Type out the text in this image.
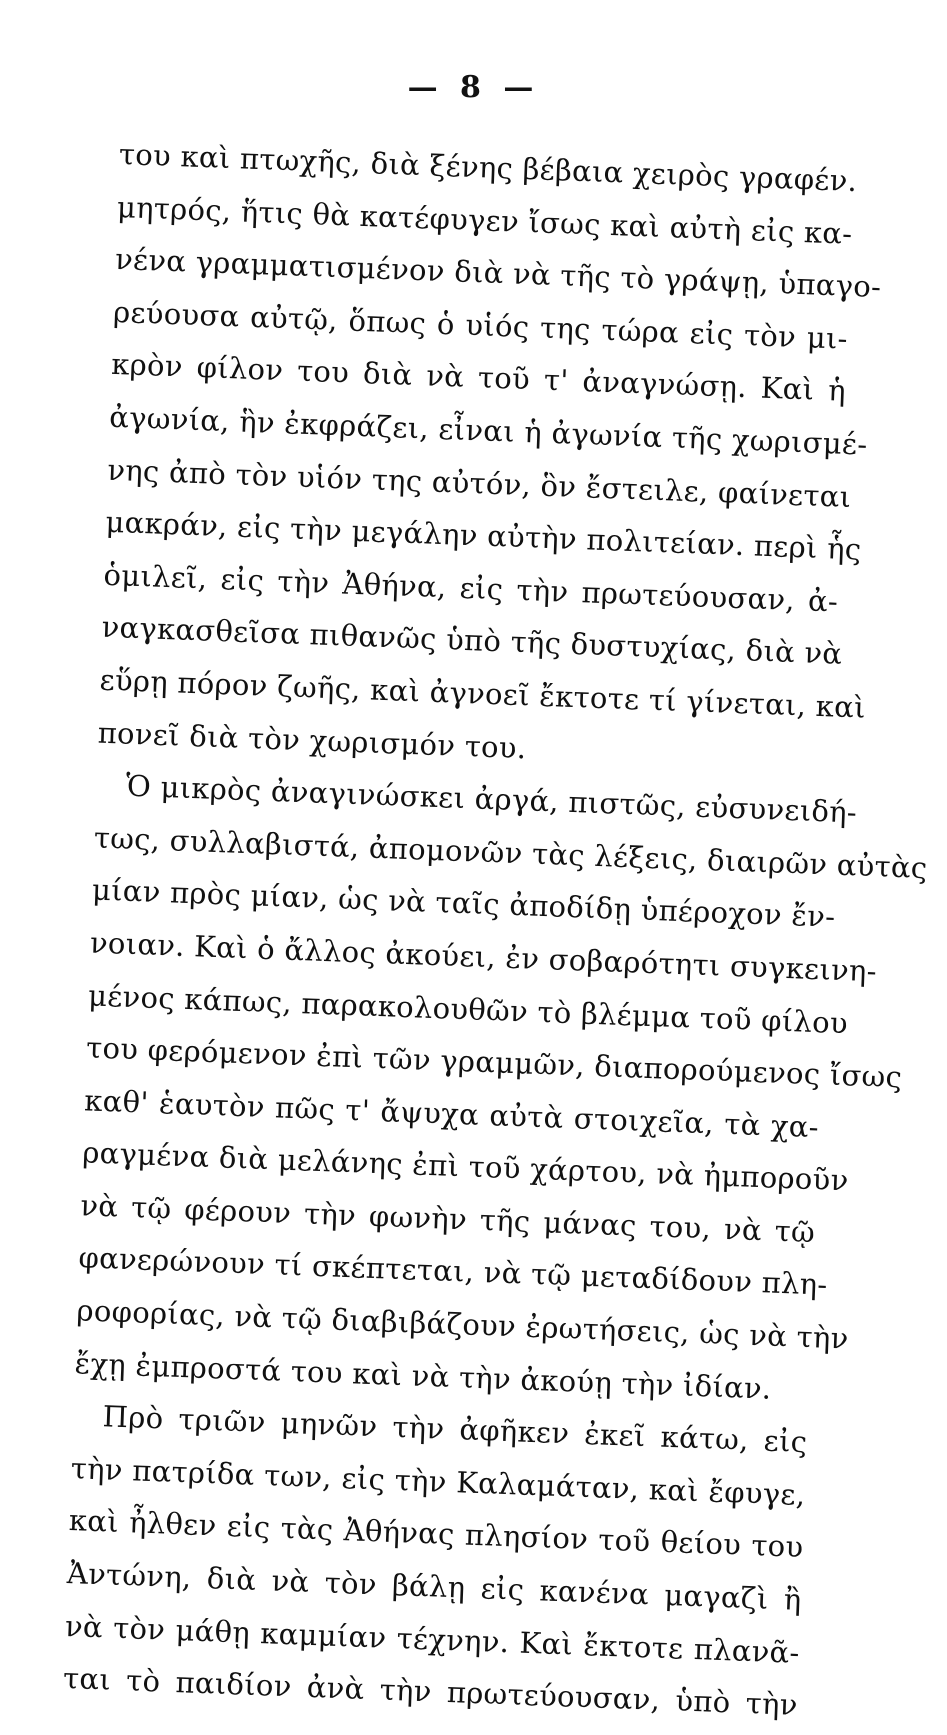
— 8 —
του καὶ πτωχῆς, διὰ ξένης βέβαια χειρὸς γραφέν.
μητρός, ἥτις θὰ κατέφυγεν ἴσως καὶ αὐτὴ εἰς κα-
νένα γραμματισμένον διὰ νὰ τῆς τὸ γράψῃ, ὑπαγο-
ρεύουσα αὐτῷ, ὅπως ὁ υἱός της τώρα εἰς τὸν μι-
κρὸν φίλον του διὰ νὰ τοῦ τ' ἀναγνώσῃ. Καὶ ἡ
ἀγωνία, ἣν ἐκφράζει, εἶναι ἡ ἀγωνία τῆς χωρισμέ-
νης ἀπὸ τὸν υἱόν της αὐτόν, ὃν ἔστειλε, φαίνεται
μακράν, εἰς τὴν μεγάλην αὐτὴν πολιτείαν. περὶ ἧς
ὁμιλεῖ, εἰς τὴν Ἀθήνα, εἰς τὴν πρωτεύουσαν, ἀ-
ναγκασθεῖσα πιθανῶς ὑπὸ τῆς δυστυχίας, διὰ νὰ
εὕρῃ πόρον ζωῆς, καὶ ἀγνοεῖ ἔκτοτε τί γίνεται, καὶ
πονεῖ διὰ τὸν χωρισμόν του.
Ὁ μικρὸς ἀναγινώσκει ἀργά, πιστῶς, εὐσυνειδή-
τως, συλλαβιστά, ἀπομονῶν τὰς λέξεις, διαιρῶν αὐτὰς
μίαν πρὸς μίαν, ὡς νὰ ταῖς ἀποδίδῃ ὑπέροχον ἔν-
νοιαν. Καὶ ὁ ἄλλος ἀκούει, ἐν σοβαρότητι συγκεινη-
μένος κάπως, παρακολουθῶν τὸ βλέμμα τοῦ φίλου
του φερόμενον ἐπὶ τῶν γραμμῶν, διαπορούμενος ἴσως
καθ' ἑαυτὸν πῶς τ' ἄψυχα αὐτὰ στοιχεῖα, τὰ χα-
ραγμένα διὰ μελάνης ἐπὶ τοῦ χάρτου, νὰ ἠμποροῦν
νὰ τῷ φέρουν τὴν φωνὴν τῆς μάνας του, νὰ τῷ
φανερώνουν τί σκέπτεται, νὰ τῷ μεταδίδουν πλη-
ροφορίας, νὰ τῷ διαβιβάζουν ἐρωτήσεις, ὡς νὰ τὴν
ἔχῃ ἐμπροστά του καὶ νὰ τὴν ἀκούῃ τὴν ἰδίαν.
Πρὸ τριῶν μηνῶν τὴν ἀφῆκεν ἐκεῖ κάτω, εἰς
τὴν πατρίδα των, εἰς τὴν Καλαμάταν, καὶ ἔφυγε,
καὶ ἦλθεν εἰς τὰς Ἀθήνας πλησίον τοῦ θείου του
Ἀντώνη, διὰ νὰ τὸν βάλῃ εἰς κανένα μαγαζὶ ἢ
νὰ τὸν μάθῃ καμμίαν τέχνην. Καὶ ἔκτοτε πλανᾶ-
ται τὸ παιδίον ἀνὰ τὴν πρωτεύουσαν, ὑπὸ τὴν
